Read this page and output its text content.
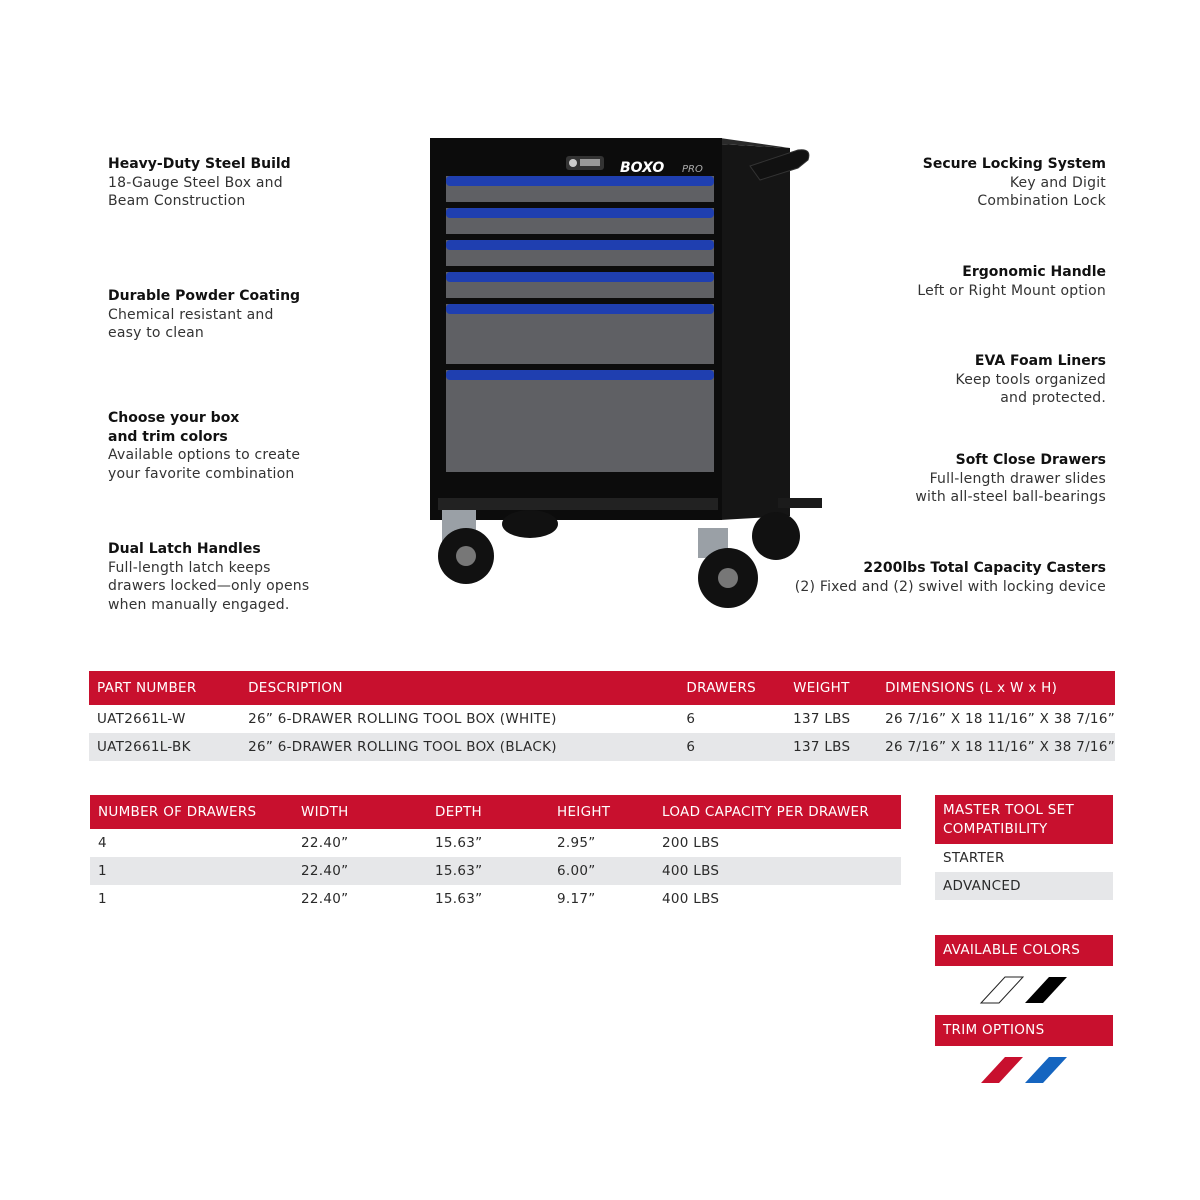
Heavy-Duty Steel Build
18-Gauge Steel Box and
Beam Construction
Durable Powder Coating
Chemical resistant and
easy to clean
Choose your box
and trim colors
Available options to create
your favorite combination
Dual Latch Handles
Full-length latch keeps
drawers locked—only opens
when manually engaged.
Secure Locking System
Key and Digit
Combination Lock
Ergonomic Handle
Left or Right Mount option
EVA Foam Liners
Keep tools organized
and protected.
Soft Close Drawers
Full-length drawer slides
with all-steel ball-bearings
2200lbs Total Capacity Casters
(2) Fixed and (2) swivel with locking device
BOXO PRO
PART NUMBER	DESCRIPTION	DRAWERS	WEIGHT	DIMENSIONS (L x W x H)
UAT2661L-W	26” 6-DRAWER ROLLING TOOL BOX (WHITE)	6	137 LBS	26 7/16” X 18 11/16” X 38 7/16”
UAT2661L-BK	26” 6-DRAWER ROLLING TOOL BOX (BLACK)	6	137 LBS	26 7/16” X 18 11/16” X 38 7/16”
NUMBER OF DRAWERS	WIDTH	DEPTH	HEIGHT	LOAD CAPACITY PER DRAWER
4	22.40”	15.63”	2.95”	200 LBS
1	22.40”	15.63”	6.00”	400 LBS
1	22.40”	15.63”	9.17”	400 LBS
MASTER TOOL SET COMPATIBILITY
STARTER
ADVANCED
AVAILABLE COLORS
TRIM OPTIONS
